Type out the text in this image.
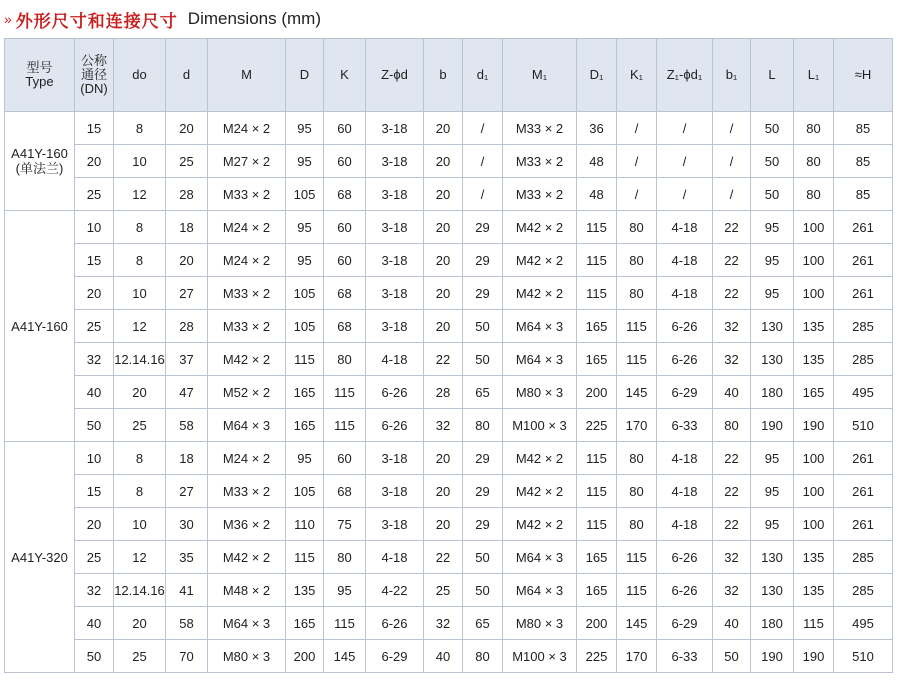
» 外形尺寸和连接尺寸 Dimensions (mm)
型号
Type	公称
通径
(DN)	do	d	M	D	K	Z-ϕd	b	d₁	M₁	D₁	K₁	Z₁-ϕd₁	b₁	L	L₁	≈H

A41Y-160
(单法兰)	15	8	20	M24 × 2	95	60	3-18	20	/	M33 × 2	36	/	/	/	50	80	85
	20	10	25	M27 × 2	95	60	3-18	20	/	M33 × 2	48	/	/	/	50	80	85
	25	12	28	M33 × 2	105	68	3-18	20	/	M33 × 2	48	/	/	/	50	80	85

A41Y-160	10	8	18	M24 × 2	95	60	3-18	20	29	M42 × 2	115	80	4-18	22	95	100	261
	15	8	20	M24 × 2	95	60	3-18	20	29	M42 × 2	115	80	4-18	22	95	100	261
	20	10	27	M33 × 2	105	68	3-18	20	29	M42 × 2	115	80	4-18	22	95	100	261
	25	12	28	M33 × 2	105	68	3-18	20	50	M64 × 3	165	115	6-26	32	130	135	285
	32	12.14.16	37	M42 × 2	115	80	4-18	22	50	M64 × 3	165	115	6-26	32	130	135	285
	40	20	47	M52 × 2	165	115	6-26	28	65	M80 × 3	200	145	6-29	40	180	165	495
	50	25	58	M64 × 3	165	115	6-26	32	80	M100 × 3	225	170	6-33	80	190	190	510

A41Y-320	10	8	18	M24 × 2	95	60	3-18	20	29	M42 × 2	115	80	4-18	22	95	100	261
	15	8	27	M33 × 2	105	68	3-18	20	29	M42 × 2	115	80	4-18	22	95	100	261
	20	10	30	M36 × 2	110	75	3-18	20	29	M42 × 2	115	80	4-18	22	95	100	261
	25	12	35	M42 × 2	115	80	4-18	22	50	M64 × 3	165	115	6-26	32	130	135	285
	32	12.14.16	41	M48 × 2	135	95	4-22	25	50	M64 × 3	165	115	6-26	32	130	135	285
	40	20	58	M64 × 3	165	115	6-26	32	65	M80 × 3	200	145	6-29	40	180	115	495
	50	25	70	M80 × 3	200	145	6-29	40	80	M100 × 3	225	170	6-33	50	190	190	510
